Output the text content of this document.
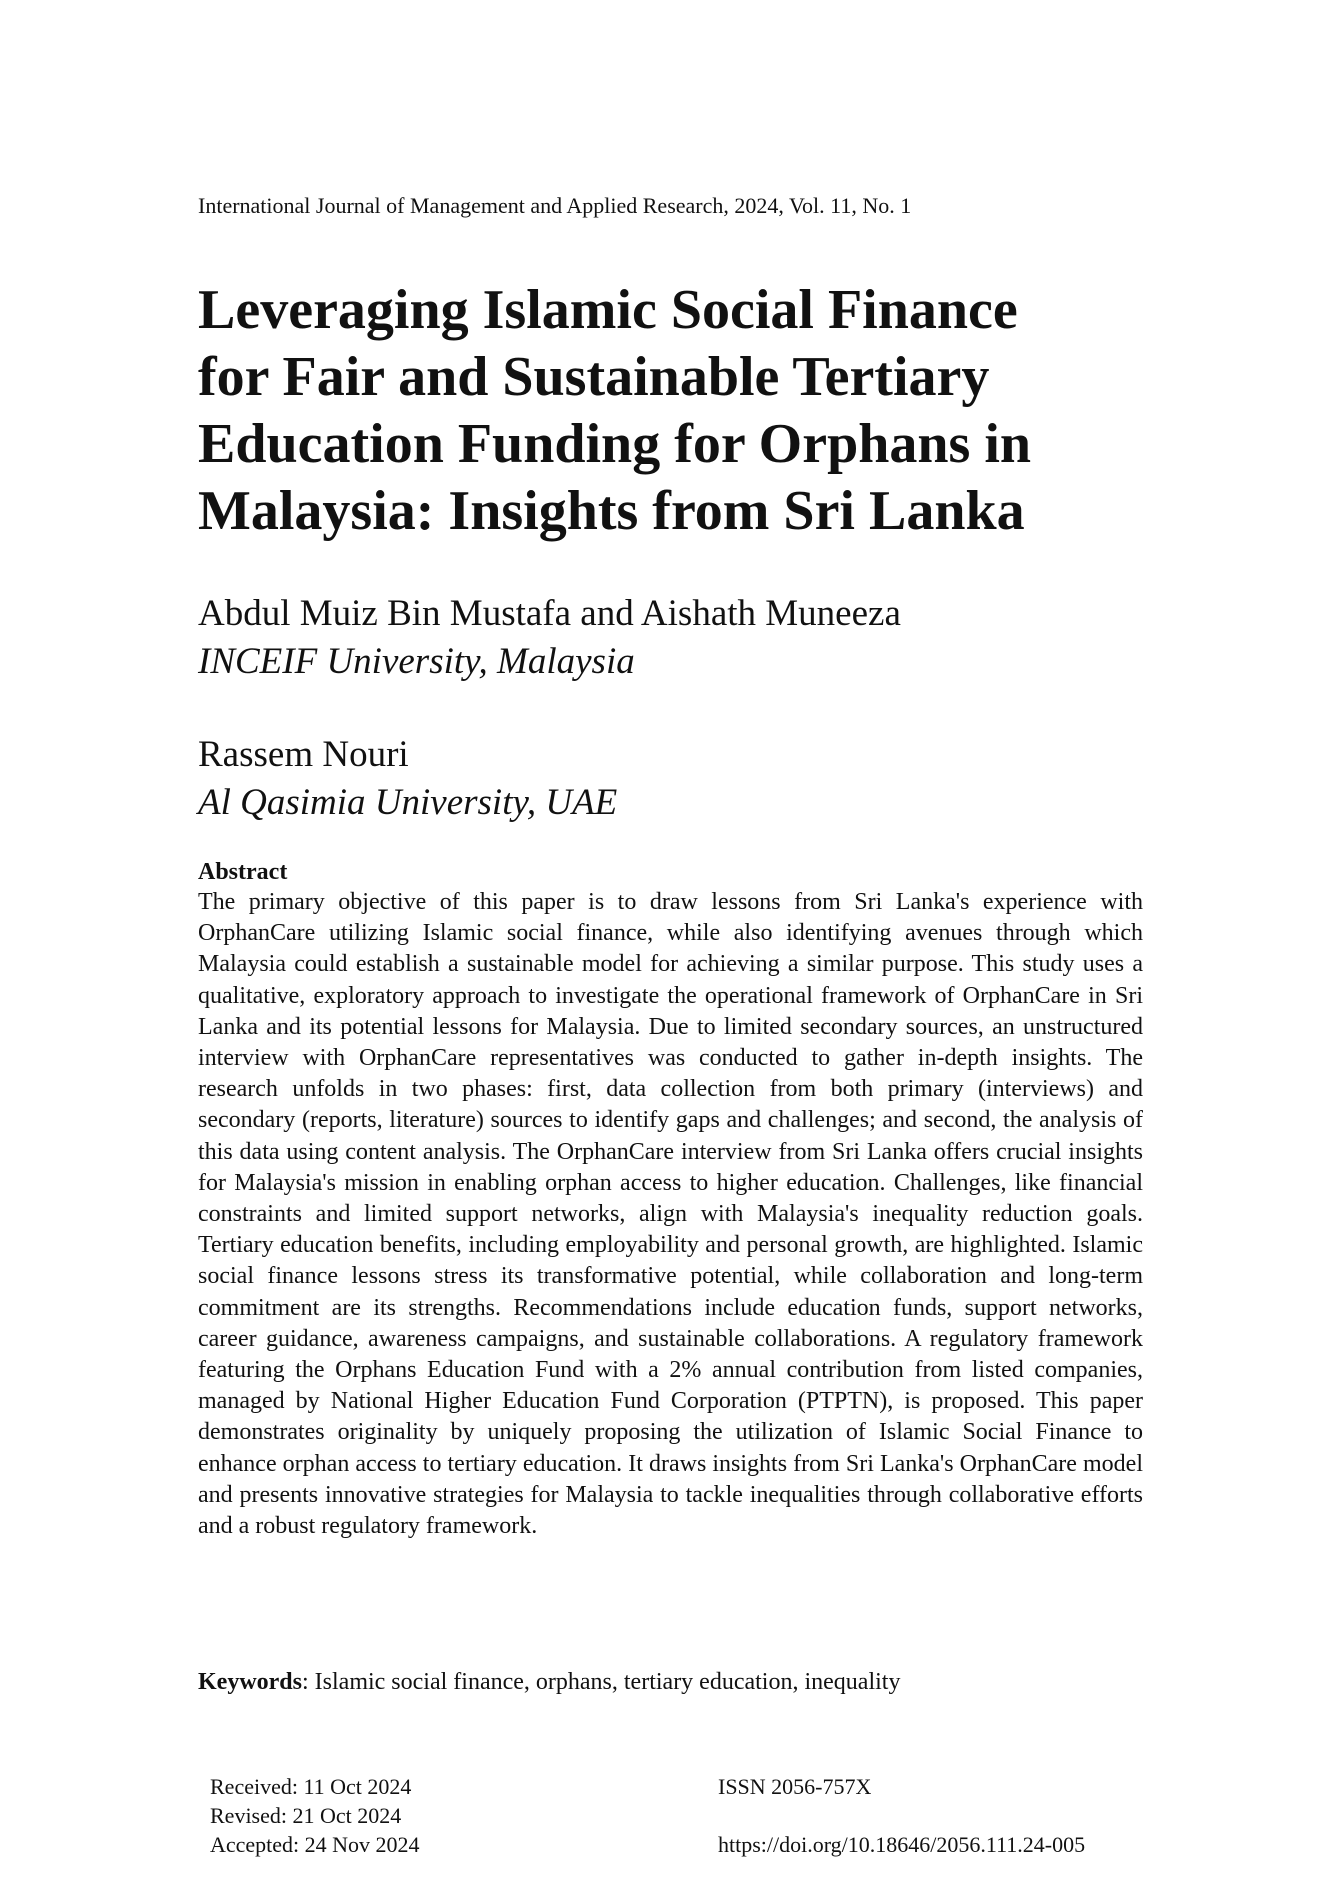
International Journal of Management and Applied Research, 2024, Vol. 11, No. 1
Leveraging Islamic Social Finance
for Fair and Sustainable Tertiary
Education Funding for Orphans in
Malaysia: Insights from Sri Lanka
Abdul Muiz Bin Mustafa and Aishath Muneeza
INCEIF University, Malaysia
Rassem Nouri
Al Qasimia University, UAE

Abstract

The primary objective of this paper is to draw lessons from Sri Lanka's experience with OrphanCare utilizing Islamic social finance, while also identifying avenues through which Malaysia could establish a sustainable model for achieving a similar purpose. This study uses a qualitative, exploratory approach to investigate the operational framework of OrphanCare in Sri Lanka and its potential lessons for Malaysia. Due to limited secondary sources, an unstructured interview with OrphanCare representatives was conducted to gather in-depth insights. The research unfolds in two phases: first, data collection from both primary (interviews) and secondary (reports, literature) sources to identify gaps and challenges; and second, the analysis of this data using content analysis. The OrphanCare interview from Sri Lanka offers crucial insights for Malaysia's mission in enabling orphan access to higher education. Challenges, like financial constraints and limited support networks, align with Malaysia's inequality reduction goals. Tertiary education benefits, including employability and personal growth, are highlighted. Islamic social finance lessons stress its transformative potential, while collaboration and long-term commitment are its strengths. Recommendations include education funds, support networks, career guidance, awareness campaigns, and sustainable collaborations. A regulatory framework featuring the Orphans Education Fund with a 2% annual contribution from listed companies, managed by National Higher Education Fund Corporation (PTPTN), is proposed. This paper demonstrates originality by uniquely proposing the utilization of Islamic Social Finance to enhance orphan access to tertiary education. It draws insights from Sri Lanka's OrphanCare model and presents innovative strategies for Malaysia to tackle inequalities through collaborative efforts and a robust regulatory framework.

Keywords: Islamic social finance, orphans, tertiary education, inequality
Received: 11 Oct 2024
Revised: 21 Oct 2024
Accepted: 24 Nov 2024
ISSN 2056-757X
https://doi.org/10.18646/2056.111.24-005
